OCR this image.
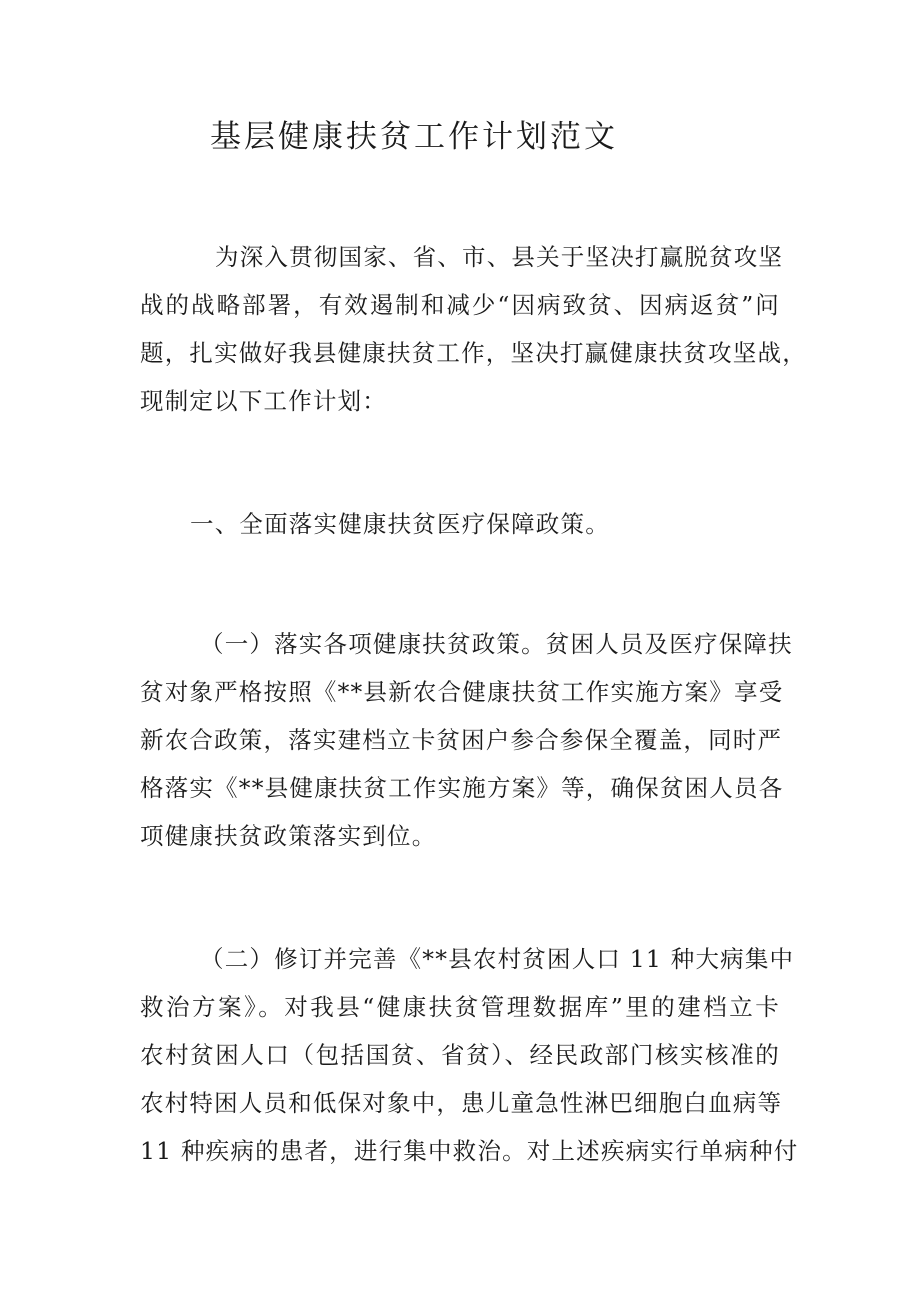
基层健康扶贫工作计划范文
为深入贯彻国家、省、市、县关于坚决打赢脱贫攻坚
战的战略部署，有效遏制和减少“因病致贫、因病返贫”问
题，扎实做好我县健康扶贫工作，坚决打赢健康扶贫攻坚战，
现制定以下工作计划：
一、全面落实健康扶贫医疗保障政策。
（一）落实各项健康扶贫政策。贫困人员及医疗保障扶
贫对象严格按照《**县新农合健康扶贫工作实施方案》享受
新农合政策，落实建档立卡贫困户参合参保全覆盖，同时严
格落实《**县健康扶贫工作实施方案》等，确保贫困人员各
项健康扶贫政策落实到位。
（二）修订并完善《**县农村贫困人口 11 种大病集中
救治方案》。对我县“健康扶贫管理数据库”里的建档立卡
农村贫困人口（包括国贫、省贫）、经民政部门核实核准的
农村特困人员和低保对象中，患儿童急性淋巴细胞白血病等
11 种疾病的患者，进行集中救治。对上述疾病实行单病种付
